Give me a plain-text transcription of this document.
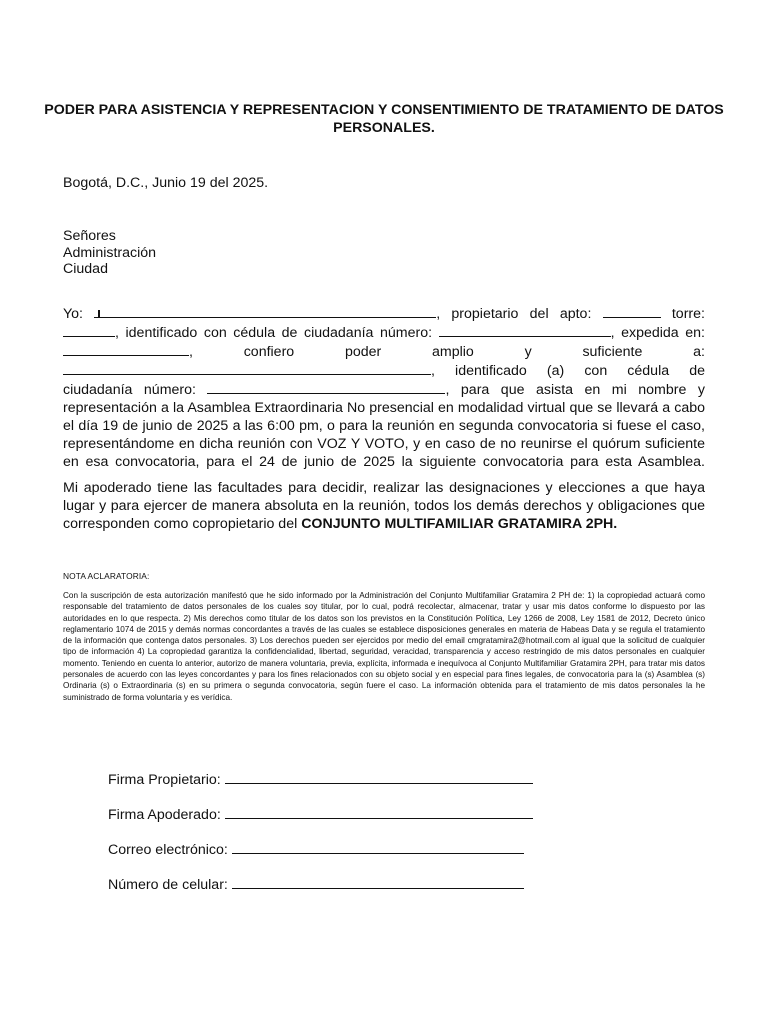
PODER PARA ASISTENCIA Y REPRESENTACION Y CONSENTIMIENTO DE TRATAMIENTO DE DATOS PERSONALES.

Bogotá, D.C., Junio 19 del 2025.

Señores
Administración
Ciudad

Yo:	, propietario del apto:	torre:
, identificado con cédula de ciudadanía número:	, expedida en:
, confiero poder amplio y suficiente a:
, identificado (a) con cédula de
ciudadanía número:	, para que asista en mi nombre y representación a la Asamblea Extraordinaria No presencial en modalidad virtual que se llevará a cabo el día 19 de junio de 2025 a las 6:00 pm, o para la reunión en segunda convocatoria si fuese el caso, representándome en dicha reunión con VOZ Y VOTO, y en caso de no reunirse el quórum suficiente en esa convocatoria, para el 24 de junio de 2025 la siguiente convocatoria para esta Asamblea.

Mi apoderado tiene las facultades para decidir, realizar las designaciones y elecciones a que haya lugar y para ejercer de manera absoluta en la reunión, todos los demás derechos y obligaciones que corresponden como copropietario del CONJUNTO MULTIFAMILIAR GRATAMIRA 2PH.

NOTA ACLARATORIA:

Con la suscripción de esta autorización manifestó que he sido informado por la Administración del Conjunto Multifamiliar Gratamira 2 PH de: 1) la copropiedad actuará como responsable del tratamiento de datos personales de los cuales soy titular, por lo cual, podrá recolectar, almacenar, tratar y usar mis datos conforme lo dispuesto por las autoridades en lo que respecta. 2) Mis derechos como titular de los datos son los previstos en la Constitución Política, Ley 1266 de 2008, Ley 1581 de 2012, Decreto único reglamentario 1074 de 2015 y demás normas concordantes a través de las cuales se establece disposiciones generales en materia de Habeas Data y se regula el tratamiento de la información que contenga datos personales. 3) Los derechos pueden ser ejercidos por medio del email cmgratamira2@hotmail.com al igual que la solicitud de cualquier tipo de información 4) La copropiedad garantiza la confidencialidad, libertad, seguridad, veracidad, transparencia y acceso restringido de mis datos personales en cualquier momento. Teniendo en cuenta lo anterior, autorizo de manera voluntaria, previa, explícita, informada e inequívoca al Conjunto Multifamiliar Gratamira 2PH, para tratar mis datos personales de acuerdo con las leyes concordantes y para los fines relacionados con su objeto social y en especial para fines legales, de convocatoria para la (s) Asamblea (s) Ordinaria (s) o Extraordinaria (s) en su primera o segunda convocatoria, según fuere el caso. La información obtenida para el tratamiento de mis datos personales la he suministrado de forma voluntaria y es verídica.

Firma Propietario:
Firma Apoderado:
Correo electrónico:
Número de celular:
